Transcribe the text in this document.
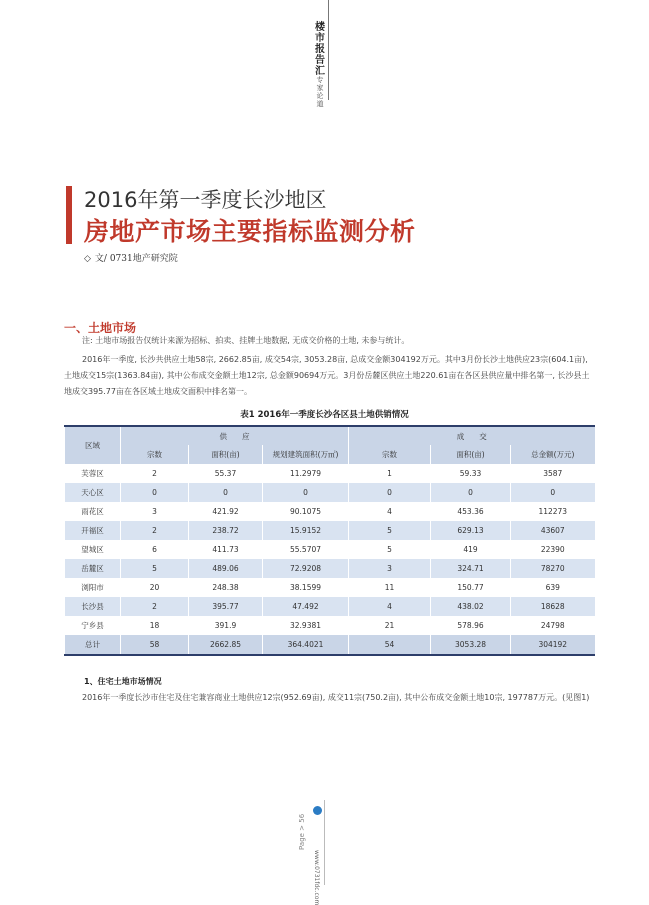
楼市报告汇
专家论道
2016年第一季度长沙地区
房地产市场主要指标监测分析
◇ 文/ 0731地产研究院
一、土地市场
注: 土地市场报告仅统计来源为招标、拍卖、挂牌土地数据, 无成交价格的土地, 未参与统计。
2016年一季度, 长沙共供应土地58宗, 2662.85亩, 成交54宗, 3053.28亩, 总成交金额304192万元。其中3月份长沙土地供应23宗(604.1亩), 土地成交15宗(1363.84亩), 其中公布成交金额土地12宗, 总金额90694万元。3月份岳麓区供应土地220.61亩在各区县供应量中排名第一, 长沙县土地成交395.77亩在各区域土地成交面积中排名第一。
表1 2016年一季度长沙各区县土地供销情况
区域	供　　应			成　　交		
	宗数	面积(亩)	规划建筑面积(万㎡)	宗数	面积(亩)	总金额(万元)
芙蓉区	2	55.37	11.2979	1	59.33	3587
天心区	0	0	0	0	0	0
雨花区	3	421.92	90.1075	4	453.36	112273
开福区	2	238.72	15.9152	5	629.13	43607
望城区	6	411.73	55.5707	5	419	22390
岳麓区	5	489.06	72.9208	3	324.71	78270
浏阳市	20	248.38	38.1599	11	150.77	639
长沙县	2	395.77	47.492	4	438.02	18628
宁乡县	18	391.9	32.9381	21	578.96	24798
总计	58	2662.85	364.4021	54	3053.28	304192
1、住宅土地市场情况
2016年一季度长沙市住宅及住宅兼容商业土地供应12宗(952.69亩), 成交11宗(750.2亩), 其中公布成交金额土地10宗, 197787万元。(见图1)
Page > 56
www.0731fdc.com
